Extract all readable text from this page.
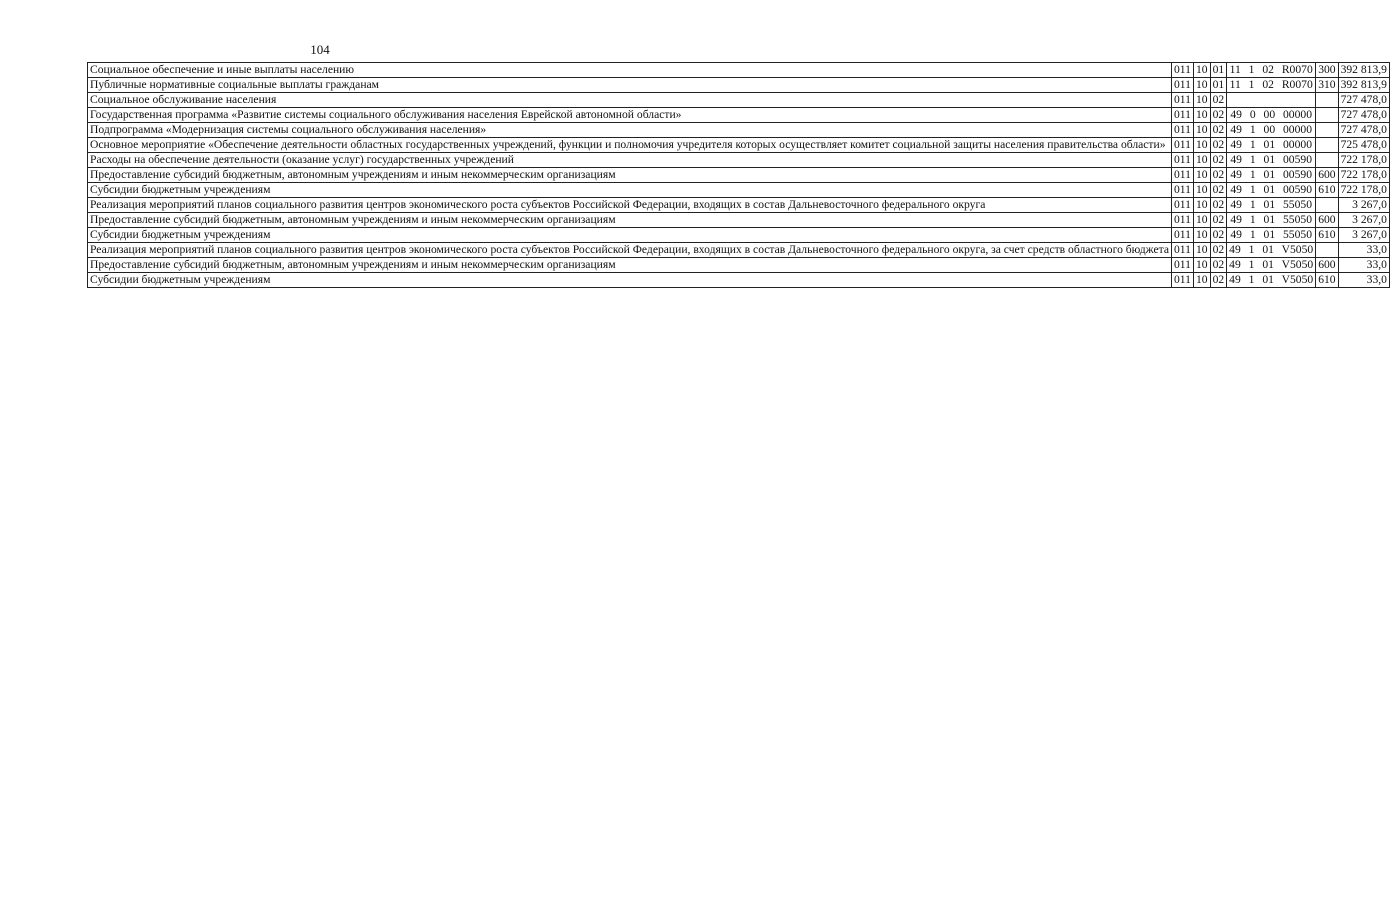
104
Социальное обеспечение и иные выплаты населению	011	10	01	11 1 02 R0070	300	392 813,9

Публичные нормативные социальные выплаты гражданам	011	10	01	11 1 02 R0070	310	392 813,9

Социальное обслуживание населения	011	10	02			727 478,0

Государственная программа «Развитие системы социального обслуживания населения Еврейской автономной области»	011	10	02	49 0 00 00000		727 478,0

Подпрограмма «Модернизация системы социального обслуживания населения»	011	10	02	49 1 00 00000		727 478,0

Основное мероприятие «Обеспечение деятельности областных государственных учреждений, функции и полномочия учредителя которых осуществляет комитет социальной защиты населения правительства области»	011	10	02	49 1 01 00000		725 478,0

Расходы на обеспечение деятельности (оказание услуг) государственных учреждений	011	10	02	49 1 01 00590		722 178,0

Предоставление субсидий бюджетным, автономным учреждениям и иным некоммерческим организациям	011	10	02	49 1 01 00590	600	722 178,0

Субсидии бюджетным учреждениям	011	10	02	49 1 01 00590	610	722 178,0

Реализация мероприятий планов социального развития центров экономического роста субъектов Российской Федерации, входящих в состав Дальневосточного федерального округа	011	10	02	49 1 01 55050		3 267,0

Предоставление субсидий бюджетным, автономным учреждениям и иным некоммерческим организациям	011	10	02	49 1 01 55050	600	3 267,0

Субсидии бюджетным учреждениям	011	10	02	49 1 01 55050	610	3 267,0

Реализация мероприятий планов социального развития центров экономического роста субъектов Российской Федерации, входящих в состав Дальневосточного федерального округа, за счет средств областного бюджета	011	10	02	49 1 01 V5050		33,0

Предоставление субсидий бюджетным, автономным учреждениям и иным некоммерческим организациям	011	10	02	49 1 01 V5050	600	33,0

Субсидии бюджетным учреждениям	011	10	02	49 1 01 V5050	610	33,0
